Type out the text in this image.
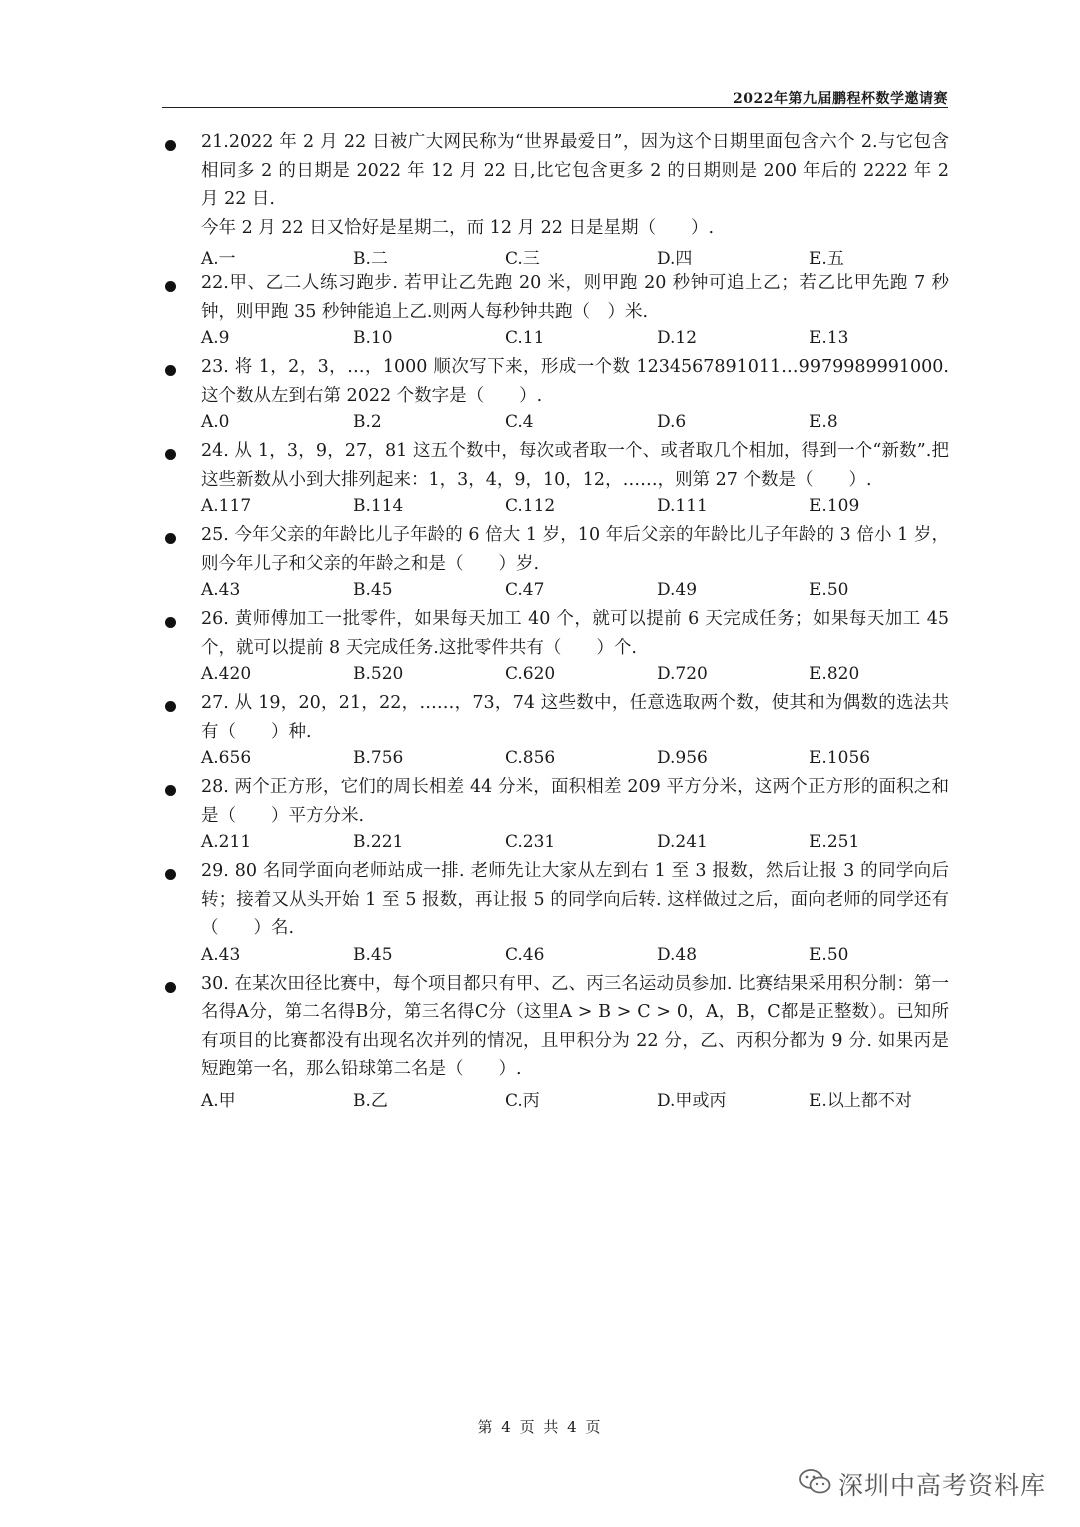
2022年第九届鹏程杯数学邀请赛
21.2022 年 2 月 22 日被广大网民称为“世界最爱日”，因为这个日期里面包含六个 2.与它包含相同多 2 的日期是 2022 年 12 月 22 日,比它包含更多 2 的日期则是 200 年后的 2222 年 2 月 22 日.
今年 2 月 22 日又恰好是星期二，而 12 月 22 日是星期（　　）.
A.一	B.二	C.三	D.四	E.五
22.甲、乙二人练习跑步. 若甲让乙先跑 20 米，则甲跑 20 秒钟可追上乙；若乙比甲先跑 7 秒钟，则甲跑 35 秒钟能追上乙.则两人每秒钟共跑（　）米.
A.9	B.10	C.11	D.12	E.13
23. 将 1，2，3，…，1000 顺次写下来，形成一个数 1234567891011…9979989991000. 这个数从左到右第 2022 个数字是（　　）.
A.0	B.2	C.4	D.6	E.8
24. 从 1，3，9，27，81 这五个数中，每次或者取一个、或者取几个相加，得到一个“新数”.把这些新数从小到大排列起来：1，3，4，9，10，12，……，则第 27 个数是（　　）.
A.117	B.114	C.112	D.111	E.109
25. 今年父亲的年龄比儿子年龄的 6 倍大 1 岁，10 年后父亲的年龄比儿子年龄的 3 倍小 1 岁，则今年儿子和父亲的年龄之和是（　　）岁.
A.43	B.45	C.47	D.49	E.50
26. 黄师傅加工一批零件，如果每天加工 40 个，就可以提前 6 天完成任务；如果每天加工 45 个，就可以提前 8 天完成任务.这批零件共有（　　）个.
A.420	B.520	C.620	D.720	E.820
27. 从 19，20，21，22，……，73，74 这些数中，任意选取两个数，使其和为偶数的选法共有（　　）种.
A.656	B.756	C.856	D.956	E.1056
28. 两个正方形，它们的周长相差 44 分米，面积相差 209 平方分米，这两个正方形的面积之和是（　　）平方分米.
A.211	B.221	C.231	D.241	E.251
29. 80 名同学面向老师站成一排. 老师先让大家从左到右 1 至 3 报数，然后让报 3 的同学向后转；接着又从头开始 1 至 5 报数，再让报 5 的同学向后转. 这样做过之后，面向老师的同学还有（　　）名.
A.43	B.45	C.46	D.48	E.50
30. 在某次田径比赛中，每个项目都只有甲、乙、丙三名运动员参加. 比赛结果采用积分制：第一名得A分，第二名得B分，第三名得C分（这里A > B > C > 0，A，B，C都是正整数）。已知所有项目的比赛都没有出现名次并列的情况，且甲积分为 22 分，乙、丙积分都为 9 分. 如果丙是短跑第一名，那么铅球第二名是（　　）.
A.甲	B.乙	C.丙	D.甲或丙	E.以上都不对
第 4 页 共 4 页
深圳中高考资料库
